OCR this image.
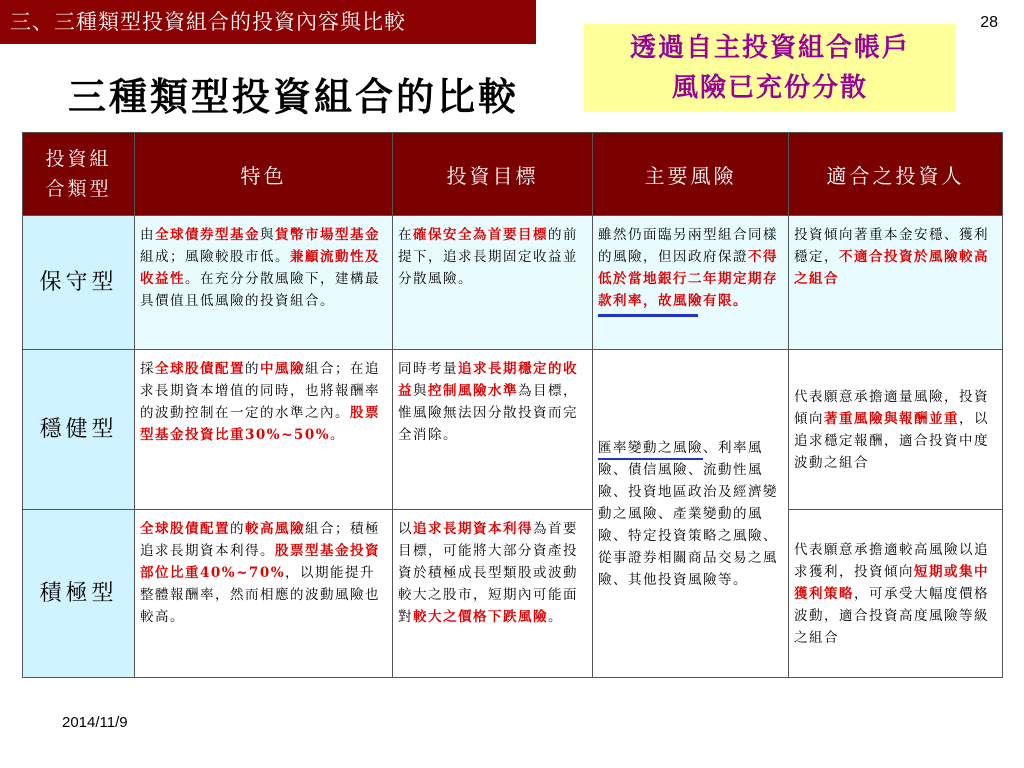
三、三種類型投資組合的投資內容與比較	28
三種類型投資組合的比較
透過自主投資組合帳戶
風險已充份分散
投資組合類型	特色	投資目標	主要風險	適合之投資人
保守型	由全球債券型基金與貨幣市場型基金組成；風險較股市低。兼顧流動性及收益性。在充分分散風險下，建構最具價值且低風險的投資組合。	在確保安全為首要目標的前提下，追求長期固定收益並分散風險。	雖然仍面臨另兩型組合同樣的風險，但因政府保證不得低於當地銀行二年期定期存款利率，故風險有限。	投資傾向著重本金安穩、獲利穩定，不適合投資於風險較高之組合
穩健型	採全球股債配置的中風險組合；在追求長期資本增值的同時，也將報酬率的波動控制在一定的水準之內。股票型基金投資比重30%~50%。	同時考量追求長期穩定的收益與控制風險水準為目標，惟風險無法因分散投資而完全消除。	匯率變動之風險、利率風險、債信風險、流動性風險、投資地區政治及經濟變動之風險、產業變動的風險、特定投資策略之風險、從事證券相關商品交易之風險、其他投資風險等。	代表願意承擔適量風險，投資傾向著重風險與報酬並重，以追求穩定報酬，適合投資中度波動之組合
積極型	全球股債配置的較高風險組合；積極追求長期資本利得。股票型基金投資部位比重40%~70%，以期能提升整體報酬率，然而相應的波動風險也較高。	以追求長期資本利得為首要目標，可能將大部分資產投資於積極成長型類股或波動較大之股市，短期內可能面對較大之價格下跌風險。		代表願意承擔適較高風險以追求獲利，投資傾向短期或集中獲利策略，可承受大幅度價格波動，適合投資高度風險等級之組合
2014/11/9
